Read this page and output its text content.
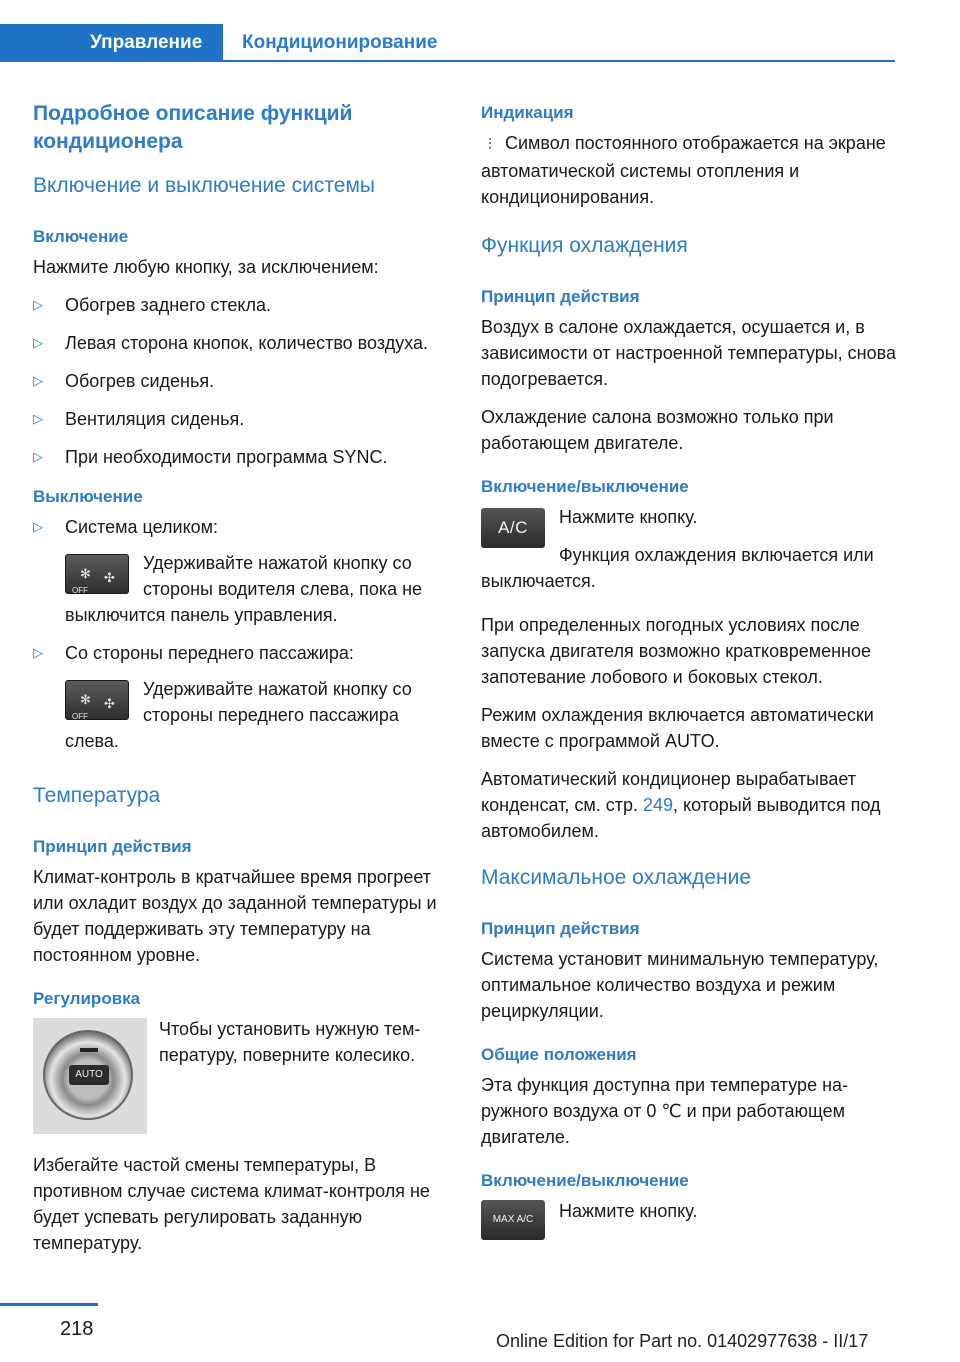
Управление	Кондиционирование
Подробное описание функций кондиционера
Включение и выключение системы
Включение

Нажмите любую кнопку, за исключением:

▷ Обогрев заднего стекла.
▷ Левая сторона кнопок, количество воздуха.
▷ Обогрев сиденья.
▷ Вентиляция сиденья.
▷ При необходимости программа SYNC.
Выключение
▷ Система целиком:
✻ ✣
OFF
Удерживайте нажатой кнопку со стороны водителя слева, пока не выключится панель управления.
▷ Со стороны переднего пассажира:
✻ ✣
OFF
Удерживайте нажатой кнопку со стороны переднего пассажира слева.
Температура
Принцип действия

Климат-контроль в кратчайшее время прогреет или охладит воздух до заданной температуры и будет поддерживать эту температуру на постоянном уровне.

Регулировка
AUTO

Чтобы установить нужную температуру, поверните колесико.

Избегайте частой смены температуры, В противном случае система климат-контроля не будет успевать регулировать заданную температуру.

Индикация

⫶ Символ постоянного отображается на экране автоматической системы отопления и кондиционирования.

Функция охлаждения
Принцип действия

Воздух в салоне охлаждается, осушается и, в зависимости от настроенной температуры, снова подогревается.

Охлаждение салона возможно только при работающем двигателе.

Включение/выключение
A/C

Нажмите кнопку.

Функция охлаждения включается или выключается.

При определенных погодных условиях после запуска двигателя возможно кратковременное запотевание лобового и боковых стекол.

Режим охлаждения включается автоматически вместе с программой AUTO.

Автоматический кондиционер вырабатывает конденсат, см. стр. 249, который выводится под автомобилем.

Максимальное охлаждение
Принцип действия

Система установит минимальную температуру, оптимальное количество воздуха и режим рециркуляции.

Общие положения

Эта функция доступна при температуре наружного воздуха от 0 ℃ и при работающем двигателе.

Включение/выключение
MAX A/C	Нажмите кнопку.

218
Online Edition for Part no. 01402977638 - II/17
